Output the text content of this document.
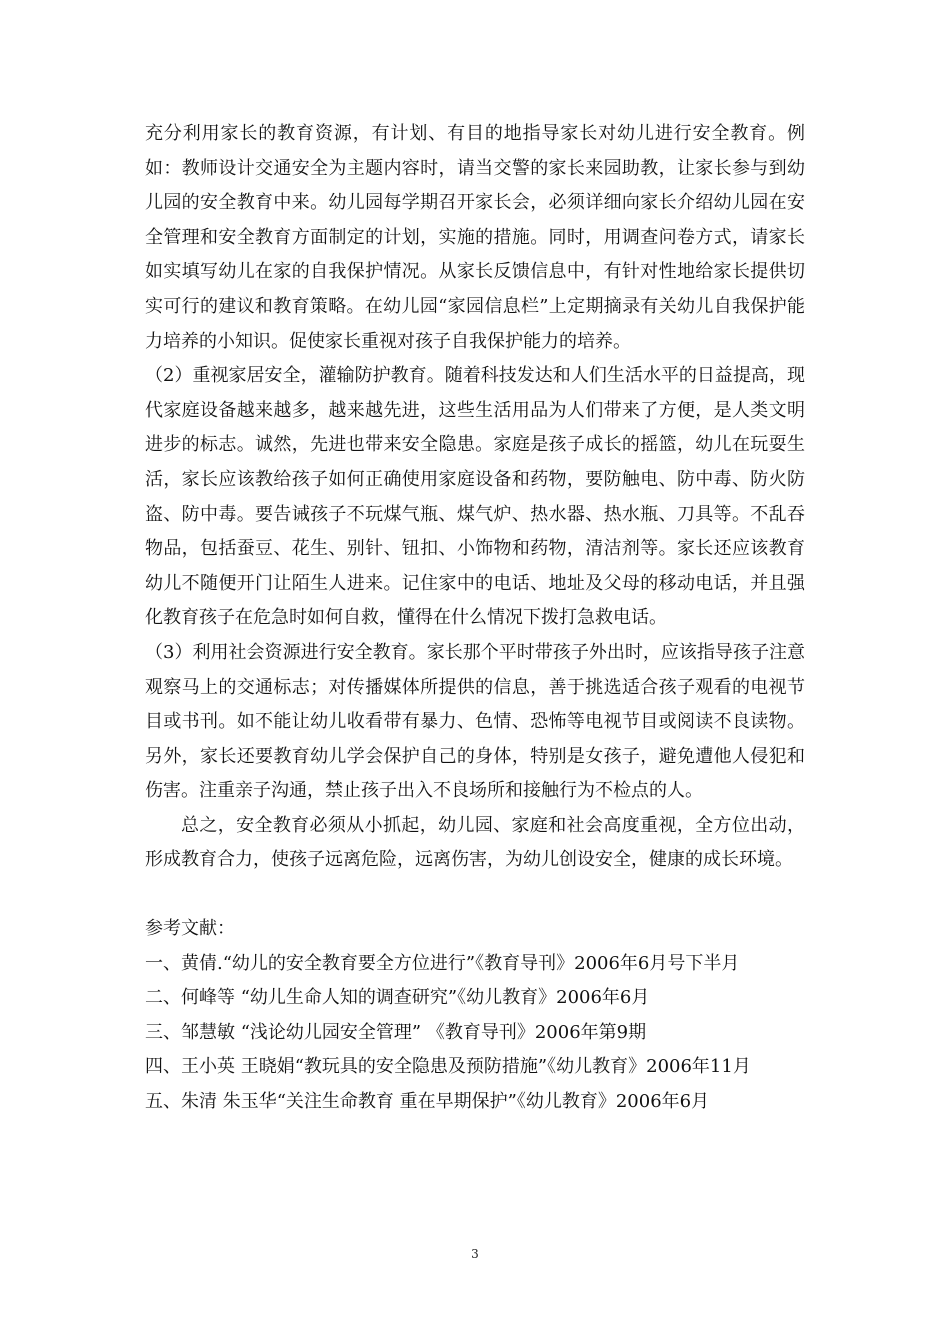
充分利用家长的教育资源，有计划、有目的地指导家长对幼儿进行安全教育。例如：教师设计交通安全为主题内容时，请当交警的家长来园助教，让家长参与到幼儿园的安全教育中来。幼儿园每学期召开家长会，必须详细向家长介绍幼儿园在安全管理和安全教育方面制定的计划，实施的措施。同时，用调查问卷方式，请家长如实填写幼儿在家的自我保护情况。从家长反馈信息中，有针对性地给家长提供切实可行的建议和教育策略。在幼儿园“家园信息栏”上定期摘录有关幼儿自我保护能力培养的小知识。促使家长重视对孩子自我保护能力的培养。

（2）重视家居安全，灌输防护教育。随着科技发达和人们生活水平的日益提高，现代家庭设备越来越多，越来越先进，这些生活用品为人们带来了方便，是人类文明进步的标志。诚然，先进也带来安全隐患。家庭是孩子成长的摇篮，幼儿在玩耍生活，家长应该教给孩子如何正确使用家庭设备和药物，要防触电、防中毒、防火防盗、防中毒。要告诫孩子不玩煤气瓶、煤气炉、热水器、热水瓶、刀具等。不乱吞物品，包括蚕豆、花生、别针、钮扣、小饰物和药物，清洁剂等。家长还应该教育幼儿不随便开门让陌生人进来。记住家中的电话、地址及父母的移动电话，并且强化教育孩子在危急时如何自救，懂得在什么情况下拨打急救电话。

（3）利用社会资源进行安全教育。家长那个平时带孩子外出时，应该指导孩子注意观察马上的交通标志；对传播媒体所提供的信息，善于挑选适合孩子观看的电视节目或书刊。如不能让幼儿收看带有暴力、色情、恐怖等电视节目或阅读不良读物。另外，家长还要教育幼儿学会保护自己的身体，特别是女孩子，避免遭他人侵犯和伤害。注重亲子沟通，禁止孩子出入不良场所和接触行为不检点的人。

总之，安全教育必须从小抓起，幼儿园、家庭和社会高度重视，全方位出动，形成教育合力，使孩子远离危险，远离伤害，为幼儿创设安全，健康的成长环境。

参考文献：

一、黄倩.“幼儿的安全教育要全方位进行”《教育导刊》2006年6月号下半月

二、何峰等 “幼儿生命人知的调查研究”《幼儿教育》2006年6月

三、邹慧敏 “浅论幼儿园安全管理” 《教育导刊》2006年第9期

四、王小英 王晓娟“教玩具的安全隐患及预防措施”《幼儿教育》2006年11月

五、朱清 朱玉华“关注生命教育 重在早期保护”《幼儿教育》2006年6月

3
